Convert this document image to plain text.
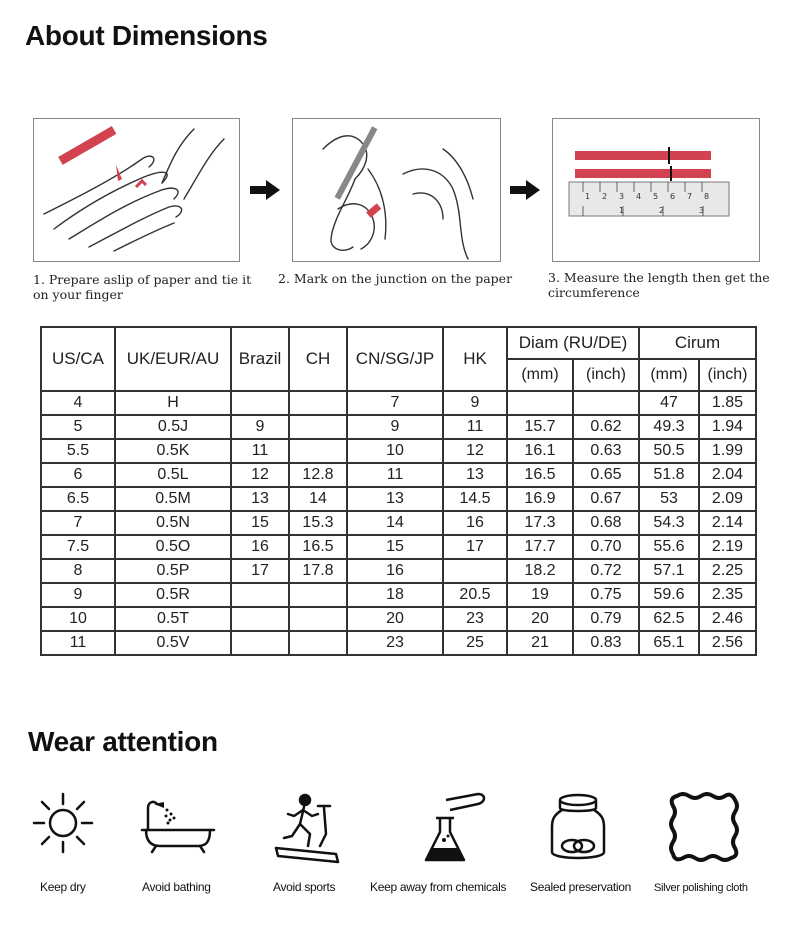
About Dimensions
1 2 3 4 5 6 7 8
1	2	3
1. Prepare aslip of paper and tie it on your finger
2. Mark on the junction on the paper	3. Measure the length then get the circumference
US/CA	UK/EUR/AU	Brazil	CH	CN/SG/JP	HK	Diam (RU/DE)		Cirum	
						(mm)	(inch)	(mm)	(inch)
4	H			7	9			47	1.85
5	0.5J	9		9	11	15.7	0.62	49.3	1.94
5.5	0.5K	11		10	12	16.1	0.63	50.5	1.99
6	0.5L	12	12.8	11	13	16.5	0.65	51.8	2.04
6.5	0.5M	13	14	13	14.5	16.9	0.67	53	2.09
7	0.5N	15	15.3	14	16	17.3	0.68	54.3	2.14
7.5	0.5O	16	16.5	15	17	17.7	0.70	55.6	2.19
8	0.5P	17	17.8	16		18.2	0.72	57.1	2.25
9	0.5R			18	20.5	19	0.75	59.6	2.35
10	0.5T			20	23	20	0.79	62.5	2.46
11	0.5V			23	25	21	0.83	65.1	2.56
Wear attention
Keep dry	Avoid bathing	Avoid sports	Keep away from chemicals Sealed preservation Silver polishing cloth
